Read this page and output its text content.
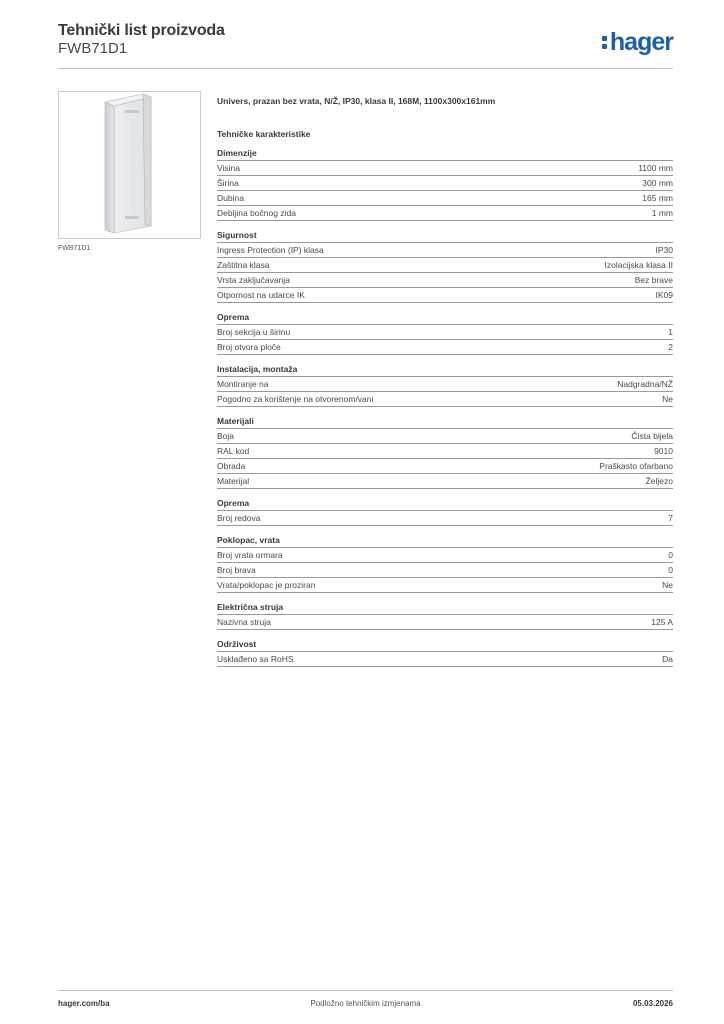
Tehnički list proizvoda
FWB71D1	hager
FWB71D1
Univers, prazan bez vrata, N/Ž, IP30, klasa II, 168M, 1100x300x161mm
Tehničke karakteristike
Dimenzije
Visina	1100 mm
Širina	300 mm
Dubina	165 mm
Debljina bočnog zida	1 mm
Sigurnost
Ingress Protection (IP) klasa	IP30
Zaštitna klasa	Izolacijska klasa II
Vrsta zaključavanja	Bez brave
Otpornost na udarce IK	IK09
Oprema
Broj sekcija u širinu	1
Broj otvora ploče	2
Instalacija, montaža
Montiranje na	Nadgradna/NŽ
Pogodno za korištenje na otvorenom/vani	Ne
Materijali
Boja	Čista bijela
RAL kod	9010
Obrada	Praškasto ofarbano
Materijal	Željezo
Oprema
Broj redova	7
Poklopac, vrata
Broj vrata ormara	0
Broj brava	0
Vrata/poklopac je proziran	Ne
Električna struja
Nazivna struja	125 A
Održivost
Usklađeno sa RoHS	Da
hager.com/ba	Podložno tehničkim izmjenama	05.03.2026
